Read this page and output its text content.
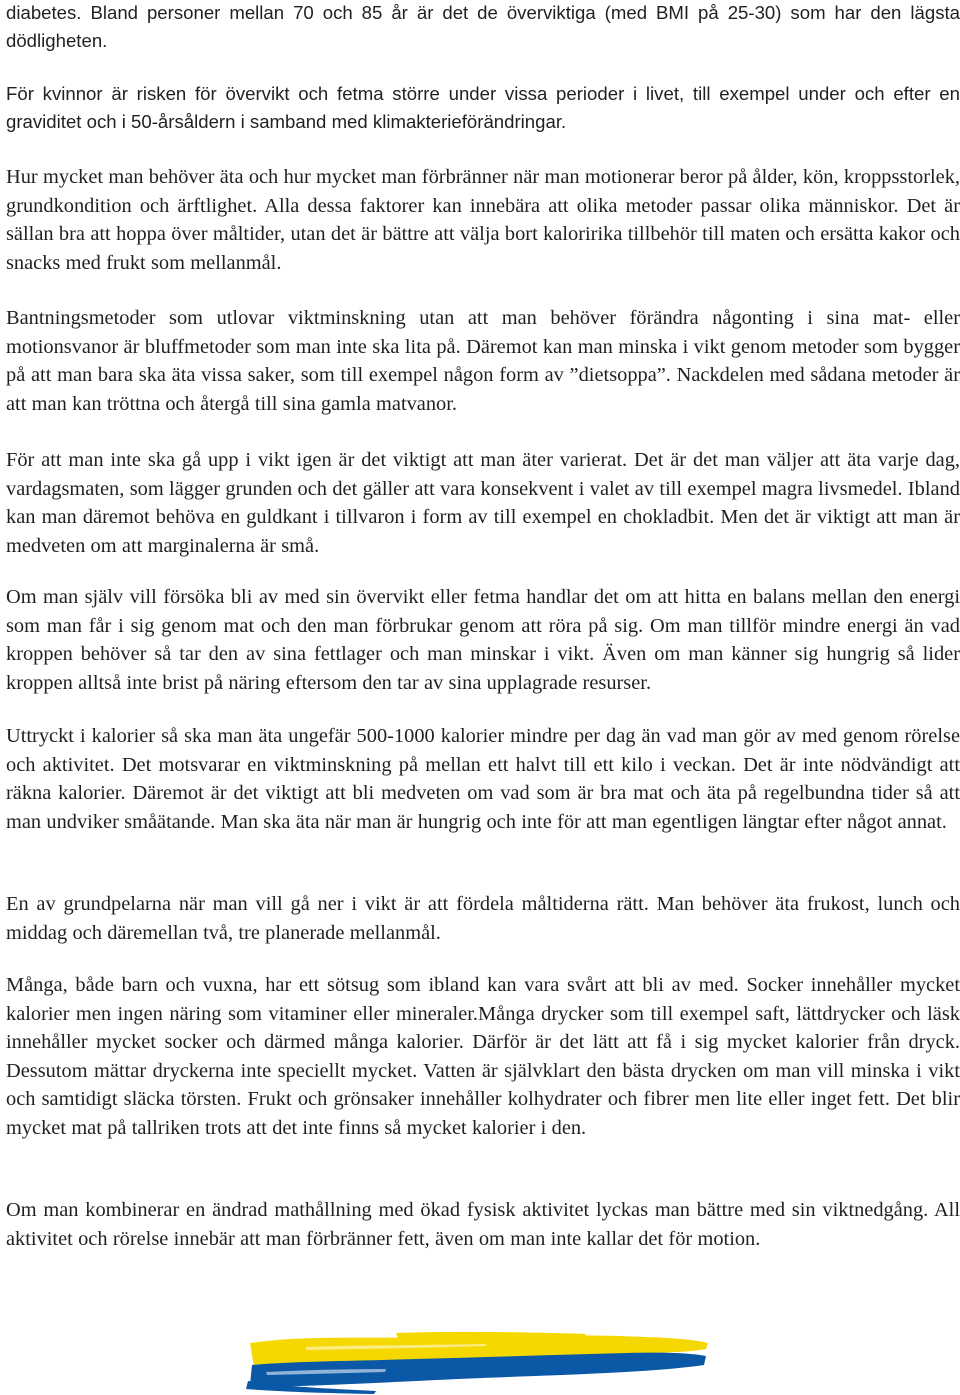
diabetes. Bland personer mellan 70 och 85 år är det de överviktiga (med BMI på 25-30) som har den lägsta dödligheten.

För kvinnor är risken för övervikt och fetma större under vissa perioder i livet, till exempel under och efter en graviditet och i 50-årsåldern i samband med klimakterieförändringar.

Hur mycket man behöver äta och hur mycket man förbränner när man motionerar beror på ålder, kön, kroppsstorlek, grundkondition och ärftlighet. Alla dessa faktorer kan innebära att olika metoder passar olika människor. Det är sällan bra att hoppa över måltider, utan det är bättre att välja bort kaloririka tillbehör till maten och ersätta kakor och snacks med frukt som mellanmål.

Bantningsmetoder som utlovar viktminskning utan att man behöver förändra någonting i sina mat- eller motionsvanor är bluffmetoder som man inte ska lita på. Däremot kan man minska i vikt genom metoder som bygger på att man bara ska äta vissa saker, som till exempel någon form av ”dietsoppa”. Nackdelen med sådana metoder är att man kan tröttna och återgå till sina gamla matvanor.

För att man inte ska gå upp i vikt igen är det viktigt att man äter varierat. Det är det man väljer att äta varje dag, vardagsmaten, som lägger grunden och det gäller att vara konsekvent i valet av till exempel magra livsmedel. Ibland kan man däremot behöva en guldkant i tillvaron i form av till exempel en chokladbit. Men det är viktigt att man är medveten om att marginalerna är små.

Om man själv vill försöka bli av med sin övervikt eller fetma handlar det om att hitta en balans mellan den energi som man får i sig genom mat och den man förbrukar genom att röra på sig. Om man tillför mindre energi än vad kroppen behöver så tar den av sina fettlager och man minskar i vikt. Även om man känner sig hungrig så lider kroppen alltså inte brist på näring eftersom den tar av sina upplagrade resurser.

Uttryckt i kalorier så ska man äta ungefär 500-1000 kalorier mindre per dag än vad man gör av med genom rörelse och aktivitet. Det motsvarar en viktminskning på mellan ett halvt till ett kilo i veckan. Det är inte nödvändigt att räkna kalorier. Däremot är det viktigt att bli medveten om vad som är bra mat och äta på regelbundna tider så att man undviker småätande. Man ska äta när man är hungrig och inte för att man egentligen längtar efter något annat.

En av grundpelarna när man vill gå ner i vikt är att fördela måltiderna rätt. Man behöver äta frukost, lunch och middag och däremellan två, tre planerade mellanmål.

Många, både barn och vuxna, har ett sötsug som ibland kan vara svårt att bli av med. Socker innehåller mycket kalorier men ingen näring som vitaminer eller mineraler.Många drycker som till exempel saft, lättdrycker och läsk innehåller mycket socker och därmed många kalorier. Därför är det lätt att få i sig mycket kalorier från dryck. Dessutom mättar dryckerna inte speciellt mycket. Vatten är självklart den bästa drycken om man vill minska i vikt och samtidigt släcka törsten. Frukt och grönsaker innehåller kolhydrater och fibrer men lite eller inget fett. Det blir mycket mat på tallriken trots att det inte finns så mycket kalorier i den.

Om man kombinerar en ändrad mathållning med ökad fysisk aktivitet lyckas man bättre med sin viktnedgång. All aktivitet och rörelse innebär att man förbränner fett, även om man inte kallar det för motion.
